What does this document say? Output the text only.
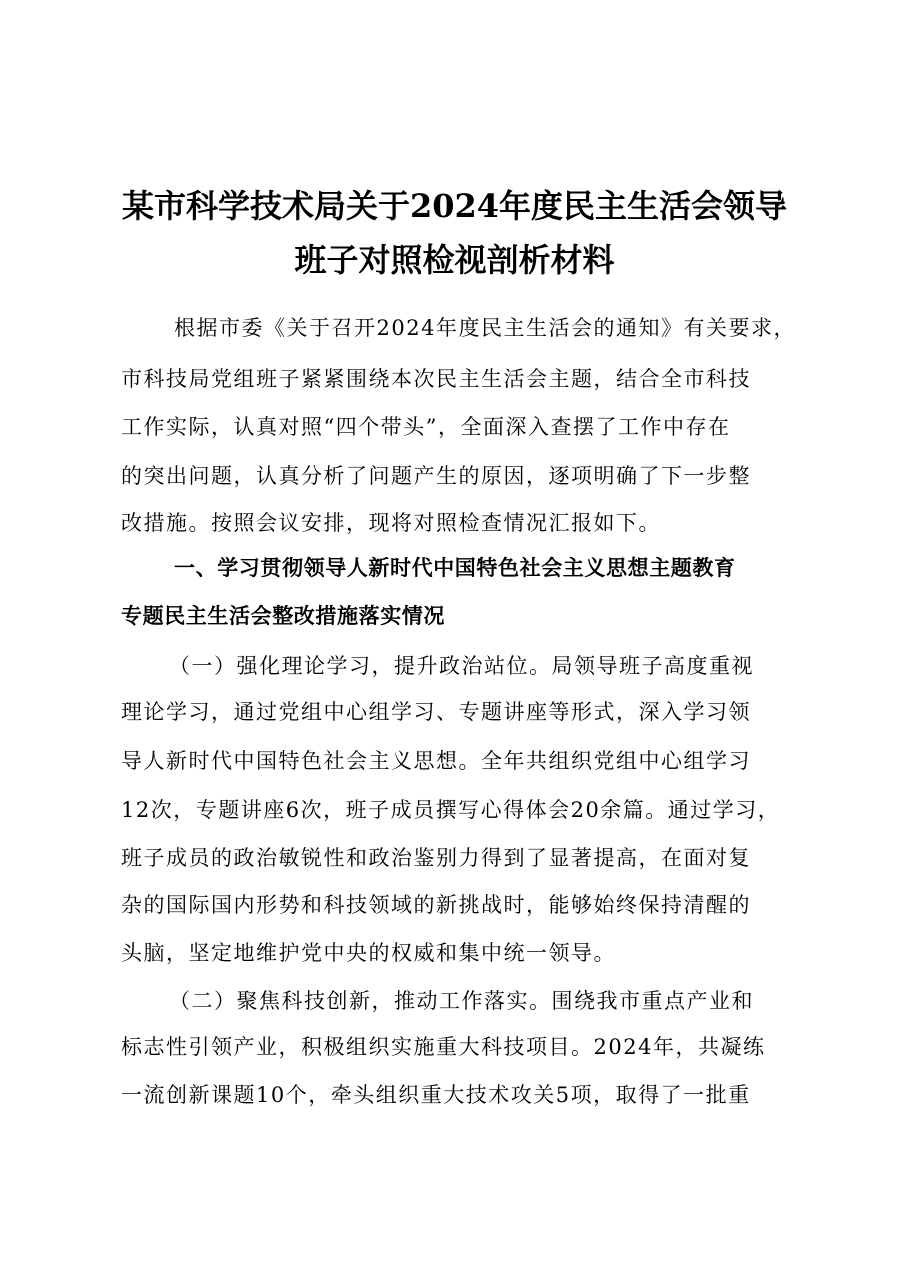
某市科学技术局关于2024年度民主生活会领导
班子对照检视剖析材料
根据市委《关于召开2024年度民主生活会的通知》有关要求，
市科技局党组班子紧紧围绕本次民主生活会主题，结合全市科技
工作实际，认真对照“四个带头”，全面深入查摆了工作中存在
的突出问题，认真分析了问题产生的原因，逐项明确了下一步整
改措施。按照会议安排，现将对照检查情况汇报如下。
一、学习贯彻领导人新时代中国特色社会主义思想主题教育
专题民主生活会整改措施落实情况
（一）强化理论学习，提升政治站位。局领导班子高度重视
理论学习，通过党组中心组学习、专题讲座等形式，深入学习领
导人新时代中国特色社会主义思想。全年共组织党组中心组学习
12次，专题讲座6次，班子成员撰写心得体会20余篇。通过学习，
班子成员的政治敏锐性和政治鉴别力得到了显著提高，在面对复
杂的国际国内形势和科技领域的新挑战时，能够始终保持清醒的
头脑，坚定地维护党中央的权威和集中统一领导。
（二）聚焦科技创新，推动工作落实。围绕我市重点产业和
标志性引领产业，积极组织实施重大科技项目。2024年，共凝练
一流创新课题10个，牵头组织重大技术攻关5项，取得了一批重
